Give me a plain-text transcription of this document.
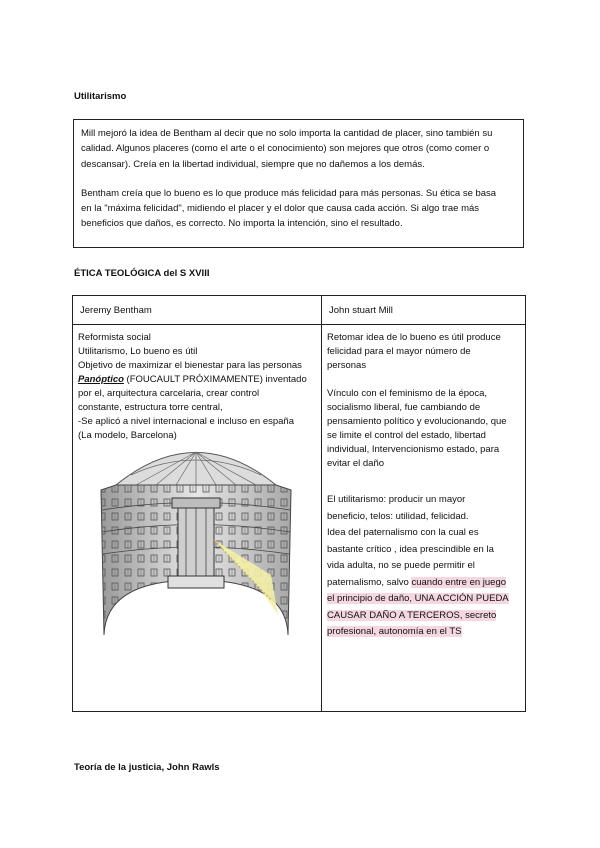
Utilitarismo

Mill mejoró la idea de Bentham al decir que no solo importa la cantidad de placer, sino también su

calidad. Algunos placeres (como el arte o el conocimiento) son mejores que otros (como comer o

descansar). Creía en la libertad individual, siempre que no dañemos a los demás.

Bentham creía que lo bueno es lo que produce más felicidad para más personas. Su ética se basa

en la "máxima felicidad", midiendo el placer y el dolor que causa cada acción. Si algo trae más

beneficios que daños, es correcto. No importa la intención, sino el resultado.

ÉTICA TEOLÓGICA del S XVIII
Jeremy Bentham	John stuart Mill
Reformista social
Utilitarismo, Lo bueno es útil
Objetivo de maximizar el bienestar para las personas
Panóptico (FOUCAULT PRÓXIMAMENTE) inventado
por el, arquitectura carcelaria, crear control
constante, estructura torre central,
-Se aplicó a nivel internacional e incluso en españa
(La modelo, Barcelona)
Retomar idea de lo bueno es útil produce
felicidad para el mayor número de
personas
Vínculo con el feminismo de la época,
socialismo liberal, fue cambiando de
pensamiento político y evolucionando, que
se limite el control del estado, libertad
individual, Intervencionismo estado, para
evitar el daño
El utilitarismo: producir un mayor
beneficio, telos: utilidad, felicidad.
Idea del paternalismo con la cual es
bastante crítico , idea prescindible en la
vida adulta, no se puede permitir el
paternalismo, salvo cuando entre en juego
el principio de daño, UNA ACCIÓN PUEDA
CAUSAR DAÑO A TERCEROS, secreto
profesional, autonomía en el TS
Teoría de la justicia, John Rawls
